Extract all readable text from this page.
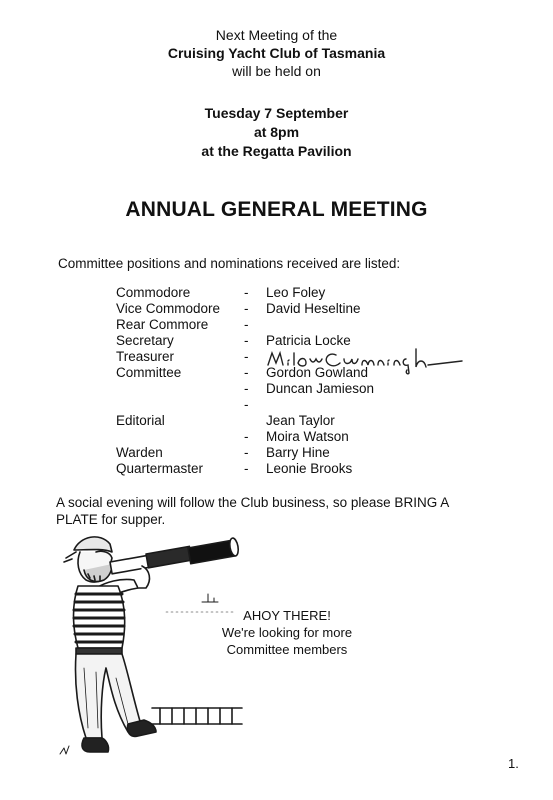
Next Meeting of the
Cruising Yacht Club of Tasmania
will be held on
Tuesday 7 September
at 8pm
at the Regatta Pavilion
ANNUAL GENERAL MEETING
Committee positions and nominations received are listed:
Commodore	- Leo Foley
Vice Commodore - David Heseltine
Rear Commore	-
Secretary	- Patricia Locke
Treasurer	-
Committee	- Gordon Gowland
- Duncan Jamieson
-
Editorial	Jean Taylor
- Moira Watson
Warden	- Barry Hine
Quartermaster	- Leonie Brooks
A social evening will follow the Club business, so please BRING A PLATE for supper.
AHOY THERE!
We're looking for more
Committee members
1.
